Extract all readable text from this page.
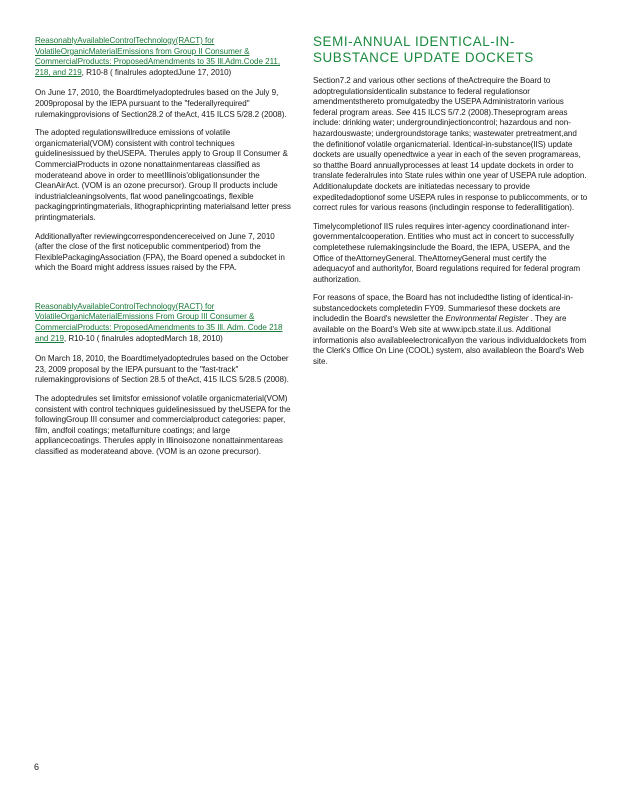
ReasonablyAvailableControlTechnology(RACT) for VolatileOrganicMaterialEmissions from Group II Consumer & CommercialProducts: ProposedAmendments to 35 Ill.Adm.Code 211, 218, and 219, R10-8 ( finalrules adoptedJune 17, 2010)

On June 17, 2010, the Boardtimelyadoptedrules based on the July 9, 2009proposal by the IEPA pursuant to the "federallyrequired" rulemakingprovisions of Section28.2 of theAct, 415 ILCS 5/28.2 (2008).

The adopted regulationswillreduce emissions of volatile organicmaterial(VOM) consistent with control techniques guidelinesissued by theUSEPA. Therules apply to Group II Consumer & CommercialProducts in ozone nonattainmentareas classified as moderateand above in order to meetIllinois'obligationsunder the CleanAirAct. (VOM is an ozone precursor). Group II products include industrialcleaningsolvents, flat wood panelingcoatings, flexible packagingprintingmaterials, lithographicprinting materialsand letter press printingmaterials.

Additionallyafter reviewingcorrespondencereceived on June 7, 2010 (after the close of the first noticepublic commentperiod) from the FlexiblePackagingAssociation (FPA), the Board opened a subdocket in which the Board might address issues raised by the FPA.

ReasonablyAvailableControlTechnology(RACT) for VolatileOrganicMaterialEmissions From Group III Consumer & CommercialProducts: ProposedAmendments to 35 Ill. Adm. Code 218 and 219, R10-10 ( finalrules adoptedMarch 18, 2010)

On March 18, 2010, the Boardtimelyadoptedrules based on the October 23, 2009 proposal by the IEPA pursuant to the "fast-track" rulemakingprovisions of Section 28.5 of theAct, 415 ILCS 5/28.5 (2008).

The adoptedrules set limitsfor emissionof volatile organicmaterial(VOM) consistent with control techniques guidelinesissued by theUSEPA for the followingGroup III consumer and commercialproduct categories: paper, film, andfoil coatings; metalfurniture coatings; and large appliancecoatings. Therules apply in Illinoisozone nonattainmentareas classified as moderateand above. (VOM is an ozone precursor).

SEMI-ANNUAL IDENTICAL-IN-SUBSTANCE UPDATE DOCKETS

Section7.2 and various other sections of theActrequire the Board to adoptregulationsidenticalin substance to federal regulationsor amendmentsthereto promulgatedby the USEPA Administratorin various federal program areas. See 415 ILCS 5/7.2 (2008).Theseprogram areas include: drinking water; undergroundinjectioncontrol; hazardous and non-hazardouswaste; undergroundstorage tanks; wastewater pretreatment,and the definitionof volatile organicmaterial. Identical-in-substance(IIS) update dockets are usually openedtwice a year in each of the seven programareas, so thatthe Board annuallyprocesses at least 14 update dockets in order to translate federalrules into State rules within one year of USEPA rule adoption. Additionalupdate dockets are initiatedas necessary to provide expeditedadoptionof some USEPA rules in response to publiccomments, or to correct rules for various reasons (includingin response to federallitigation).

Timelycompletionof IIS rules requires inter-agency coordinationand inter-governmentalcooperation. Entities who must act in concert to successfully completethese rulemakingsinclude the Board, the IEPA, USEPA, and the Office of theAttorneyGeneral. TheAttorneyGeneral must certify the adequacyof and authorityfor, Board regulations required for federal program authorization.

For reasons of space, the Board has not includedthe listing of identical-in-substancedockets completedin FY09. Summariesof these dockets are includedin the Board's newsletter the Environmental Register . They are available on the Board's Web site at www.ipcb.state.il.us. Additional informationis also availableelectronicallyon the various individualdockets from the Clerk's Office On Line (COOL) system, also availableon the Board's Web site.

6
